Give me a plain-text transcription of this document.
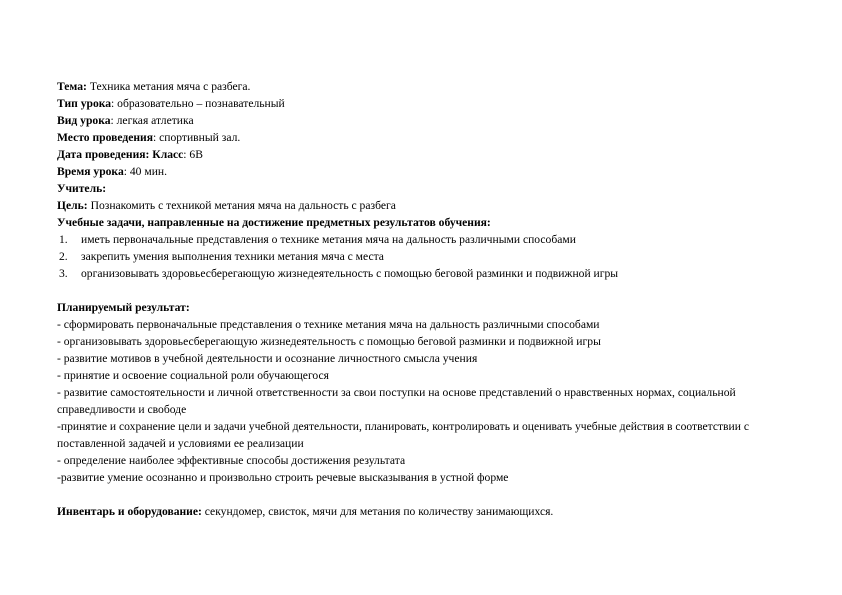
Тема: Техника метания мяча с разбега.
Тип урока: образовательно – познавательный
Вид урока: легкая атлетика
Место проведения: спортивный зал.
Дата проведения: Класс: 6В
Время урока: 40 мин.
Учитель:
Цель: Познакомить с техникой метания мяча на дальность с разбега
Учебные задачи, направленные на достижение предметных результатов обучения:
1.	иметь первоначальные представления о технике метания мяча на дальность различными способами
2.	закрепить умения выполнения техники метания мяча с места
3.	организовывать здоровьесберегающую жизнедеятельность с помощью беговой разминки и подвижной игры
Планируемый результат:
- сформировать первоначальные представления о технике метания мяча на дальность различными способами
- организовывать здоровьесберегающую жизнедеятельность с помощью беговой разминки и подвижной игры
- развитие мотивов в учебной деятельности и осознание личностного смысла учения
- принятие и освоение социальной роли обучающегося
- развитие самостоятельности и личной ответственности за свои поступки на основе представлений о нравственных нормах, социальной справедливости и свободе
-принятие и сохранение цели и задачи учебной деятельности, планировать, контролировать и оценивать учебные действия в соответствии с поставленной задачей и условиями ее реализации
- определение наиболее эффективные способы достижения результата
-развитие умение осознанно и произвольно строить речевые высказывания в устной форме
Инвентарь и оборудование: секундомер, свисток, мячи для метания по количеству занимающихся.
